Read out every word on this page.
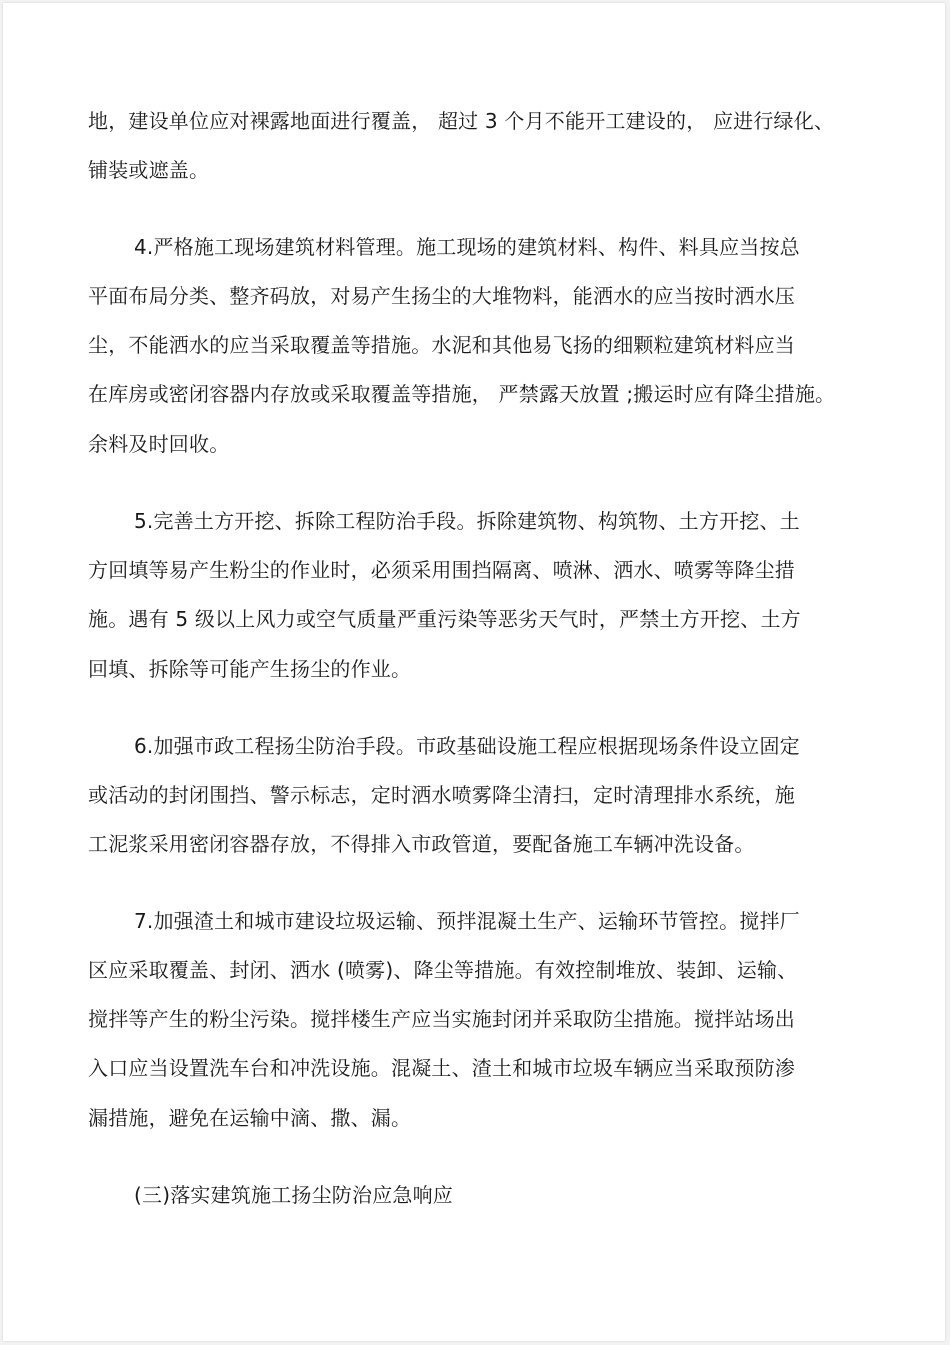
地，建设单位应对裸露地面进行覆盖， 超过 3 个月不能开工建设的， 应进行绿化、
铺装或遮盖。
4.严格施工现场建筑材料管理。施工现场的建筑材料、构件、料具应当按总
平面布局分类、整齐码放，对易产生扬尘的大堆物料，能洒水的应当按时洒水压
尘，不能洒水的应当采取覆盖等措施。水泥和其他易飞扬的细颗粒建筑材料应当
在库房或密闭容器内存放或采取覆盖等措施， 严禁露天放置 ;搬运时应有降尘措施。
余料及时回收。
5.完善土方开挖、拆除工程防治手段。拆除建筑物、构筑物、土方开挖、土
方回填等易产生粉尘的作业时，必须采用围挡隔离、喷淋、洒水、喷雾等降尘措
施。遇有 5 级以上风力或空气质量严重污染等恶劣天气时，严禁土方开挖、土方
回填、拆除等可能产生扬尘的作业。
6.加强市政工程扬尘防治手段。市政基础设施工程应根据现场条件设立固定
或活动的封闭围挡、警示标志，定时洒水喷雾降尘清扫，定时清理排水系统，施
工泥浆采用密闭容器存放，不得排入市政管道，要配备施工车辆冲洗设备。
7.加强渣土和城市建设垃圾运输、预拌混凝土生产、运输环节管控。搅拌厂
区应采取覆盖、封闭、洒水 (喷雾)、降尘等措施。有效控制堆放、装卸、运输、
搅拌等产生的粉尘污染。搅拌楼生产应当实施封闭并采取防尘措施。搅拌站场出
入口应当设置洗车台和冲洗设施。混凝土、渣土和城市垃圾车辆应当采取预防渗
漏措施，避免在运输中滴、撒、漏。
(三)落实建筑施工扬尘防治应急响应
